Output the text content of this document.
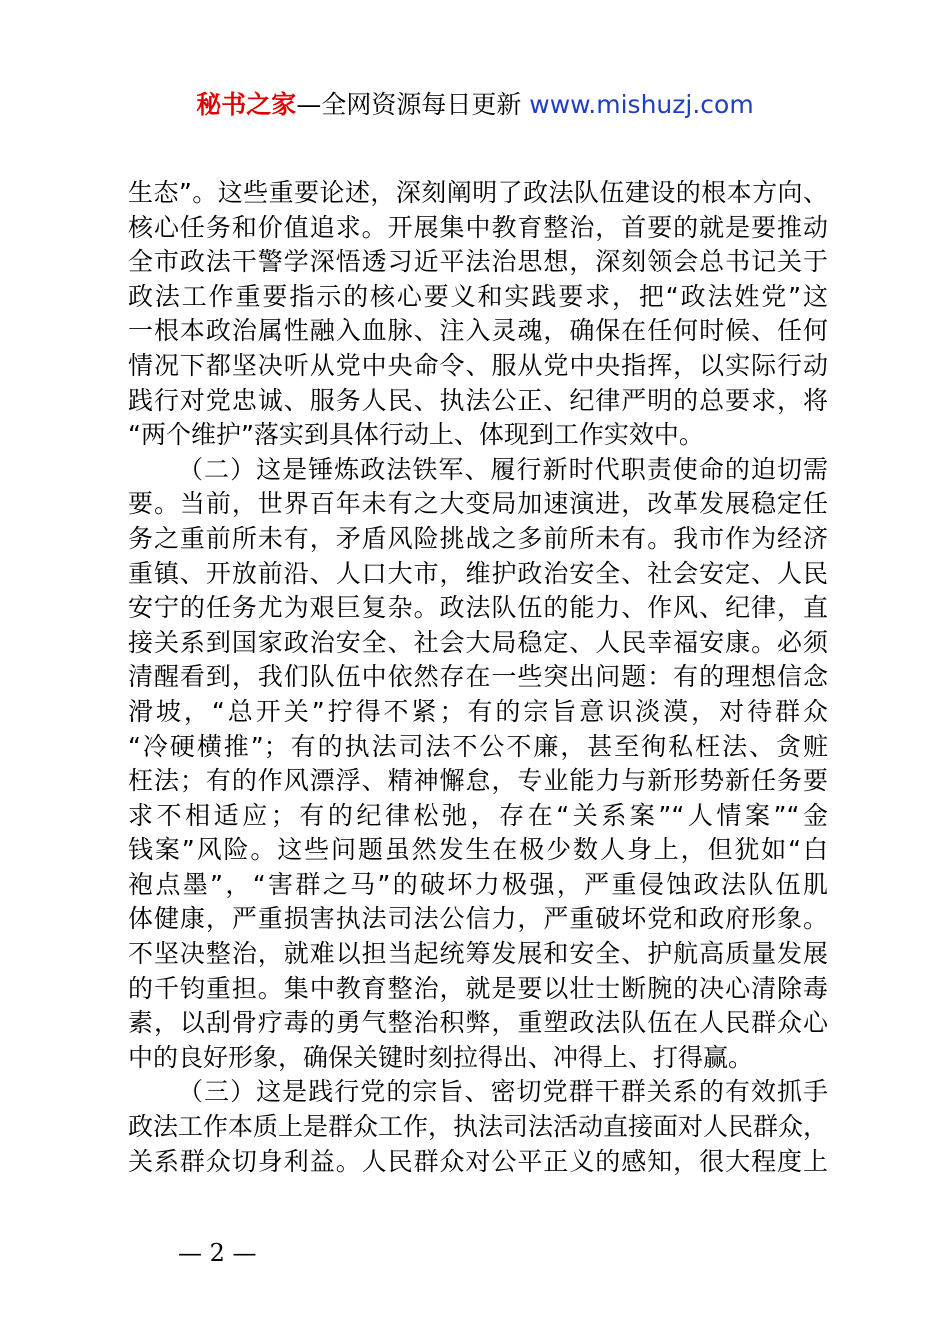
秘书之家—全网资源每日更新 www.mishuzj.com
生态”。这些重要论述，深刻阐明了政法队伍建设的根本方向、
核心任务和价值追求。开展集中教育整治，首要的就是要推动
全市政法干警学深悟透习近平法治思想，深刻领会总书记关于
政法工作重要指示的核心要义和实践要求，把“政法姓党”这
一根本政治属性融入血脉、注入灵魂，确保在任何时候、任何
情况下都坚决听从党中央命令、服从党中央指挥，以实际行动
践行对党忠诚、服务人民、执法公正、纪律严明的总要求，将
“两个维护”落实到具体行动上、体现到工作实效中。
（二）这是锤炼政法铁军、履行新时代职责使命的迫切需
要。当前，世界百年未有之大变局加速演进，改革发展稳定任
务之重前所未有，矛盾风险挑战之多前所未有。我市作为经济
重镇、开放前沿、人口大市，维护政治安全、社会安定、人民
安宁的任务尤为艰巨复杂。政法队伍的能力、作风、纪律，直
接关系到国家政治安全、社会大局稳定、人民幸福安康。必须
清醒看到，我们队伍中依然存在一些突出问题：有的理想信念
滑坡，“总开关”拧得不紧；有的宗旨意识淡漠，对待群众
“冷硬横推”；有的执法司法不公不廉，甚至徇私枉法、贪赃
枉法；有的作风漂浮、精神懈怠，专业能力与新形势新任务要
求不相适应；有的纪律松弛，存在“关系案”“人情案”“金
钱案”风险。这些问题虽然发生在极少数人身上，但犹如“白
袍点墨”，“害群之马”的破坏力极强，严重侵蚀政法队伍肌
体健康，严重损害执法司法公信力，严重破坏党和政府形象。
不坚决整治，就难以担当起统筹发展和安全、护航高质量发展
的千钧重担。集中教育整治，就是要以壮士断腕的决心清除毒
素，以刮骨疗毒的勇气整治积弊，重塑政法队伍在人民群众心
中的良好形象，确保关键时刻拉得出、冲得上、打得赢。
（三）这是践行党的宗旨、密切党群干群关系的有效抓手
政法工作本质上是群众工作，执法司法活动直接面对人民群众，
关系群众切身利益。人民群众对公平正义的感知，很大程度上
— 2 —
